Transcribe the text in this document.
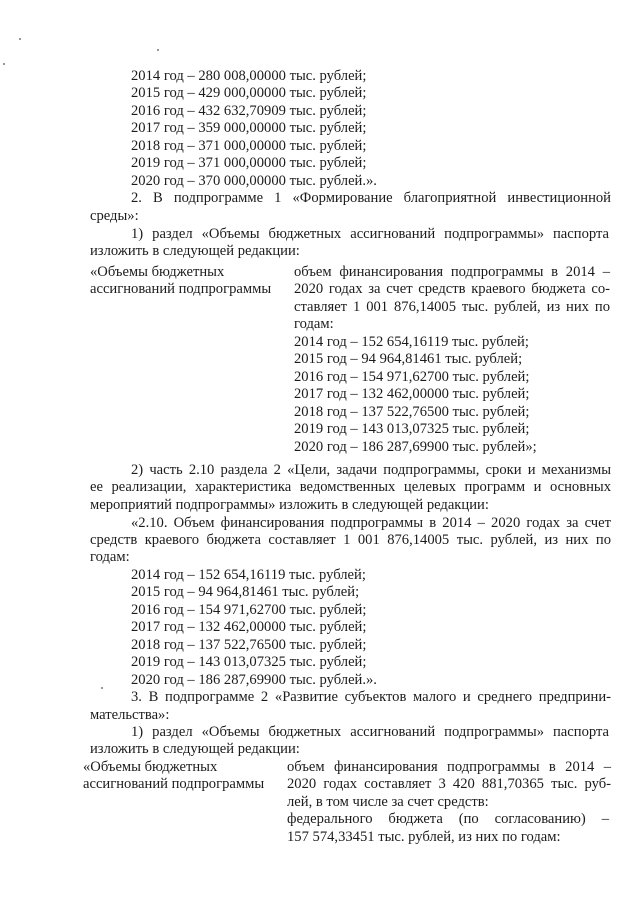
2014 год – 280 008,00000 тыс. рублей;
2015 год – 429 000,00000 тыс. рублей;
2016 год – 432 632,70909 тыс. рублей;
2017 год – 359 000,00000 тыс. рублей;
2018 год – 371 000,00000 тыс. рублей;
2019 год – 371 000,00000 тыс. рублей;
2020 год – 370 000,00000 тыс. рублей.».
2. В подпрограмме 1 «Формирование благоприятной инвестиционной
среды»:
1) раздел «Объемы бюджетных ассигнований подпрограммы» паспорта
изложить в следующей редакции:
«Объемы бюджетных
ассигнований подпрограммы
объем финансирования подпрограммы в 2014 –
2020 годах за счет средств краевого бюджета со-
ставляет 1 001 876,14005 тыс. рублей, из них по
годам:
2014 год – 152 654,16119 тыс. рублей;
2015 год – 94 964,81461 тыс. рублей;
2016 год – 154 971,62700 тыс. рублей;
2017 год – 132 462,00000 тыс. рублей;
2018 год – 137 522,76500 тыс. рублей;
2019 год – 143 013,07325 тыс. рублей;
2020 год – 186 287,69900 тыс. рублей»;
2) часть 2.10 раздела 2 «Цели, задачи подпрограммы, сроки и механизмы
ее реализации, характеристика ведомственных целевых программ и основных
мероприятий подпрограммы» изложить в следующей редакции:
«2.10. Объем финансирования подпрограммы в 2014 – 2020 годах за счет
средств краевого бюджета составляет 1 001 876,14005 тыс. рублей, из них по
годам:
2014 год – 152 654,16119 тыс. рублей;
2015 год – 94 964,81461 тыс. рублей;
2016 год – 154 971,62700 тыс. рублей;
2017 год – 132 462,00000 тыс. рублей;
2018 год – 137 522,76500 тыс. рублей;
2019 год – 143 013,07325 тыс. рублей;
2020 год – 186 287,69900 тыс. рублей.».
3. В подпрограмме 2 «Развитие субъектов малого и среднего предприни-
мательства»:
1) раздел «Объемы бюджетных ассигнований подпрограммы» паспорта
изложить в следующей редакции:
«Объемы бюджетных
ассигнований подпрограммы
объем финансирования подпрограммы в 2014 –
2020 годах составляет 3 420 881,70365 тыс. руб-
лей, в том числе за счет средств:
федерального бюджета (по согласованию) –
157 574,33451 тыс. рублей, из них по годам:
